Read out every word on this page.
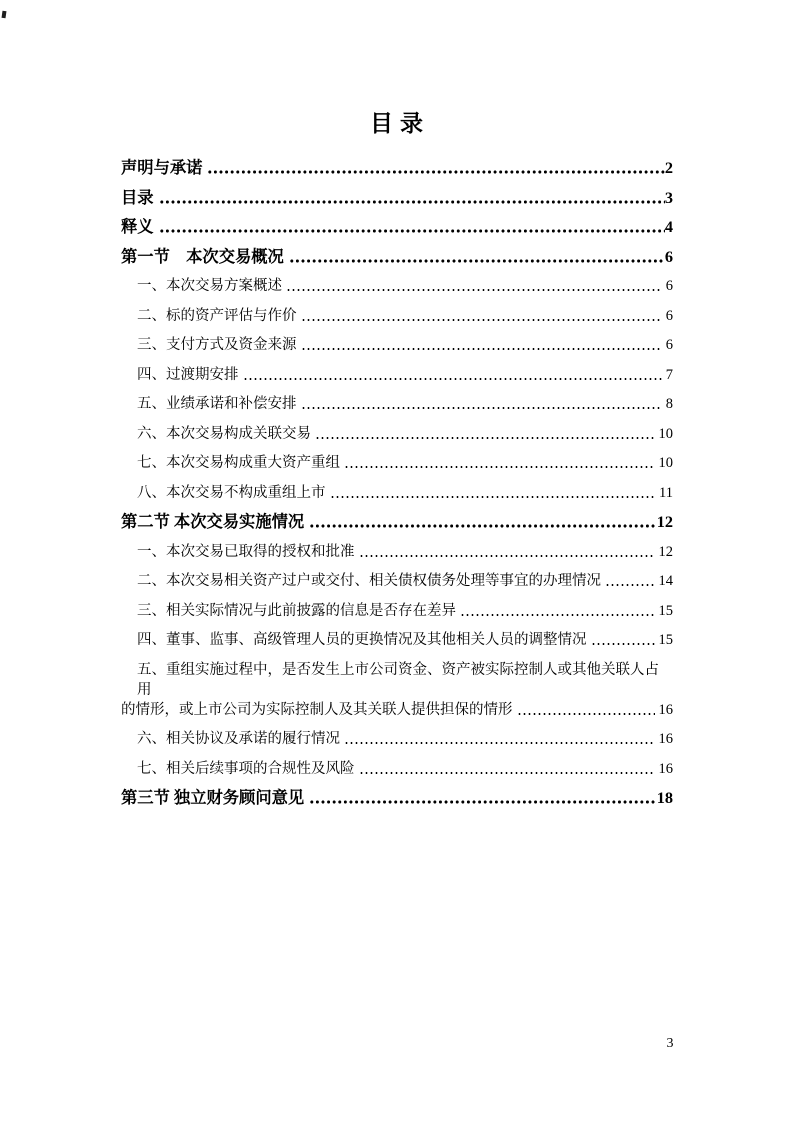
目录
声明与承诺	2
目录	3
释义	4
第一节　本次交易概况	6
一、本次交易方案概述	6
二、标的资产评估与作价	6
三、支付方式及资金来源	6
四、过渡期安排	7
五、业绩承诺和补偿安排	8
六、本次交易构成关联交易	10
七、本次交易构成重大资产重组	10
八、本次交易不构成重组上市	11
第二节 本次交易实施情况	12
一、本次交易已取得的授权和批准	12
二、本次交易相关资产过户或交付、相关债权债务处理等事宜的办理情况	14
三、相关实际情况与此前披露的信息是否存在差异	15
四、董事、监事、高级管理人员的更换情况及其他相关人员的调整情况	15
五、重组实施过程中，是否发生上市公司资金、资产被实际控制人或其他关联人占用
的情形，或上市公司为实际控制人及其关联人提供担保的情形	16
六、相关协议及承诺的履行情况	16
七、相关后续事项的合规性及风险	16
第三节 独立财务顾问意见	18
3
